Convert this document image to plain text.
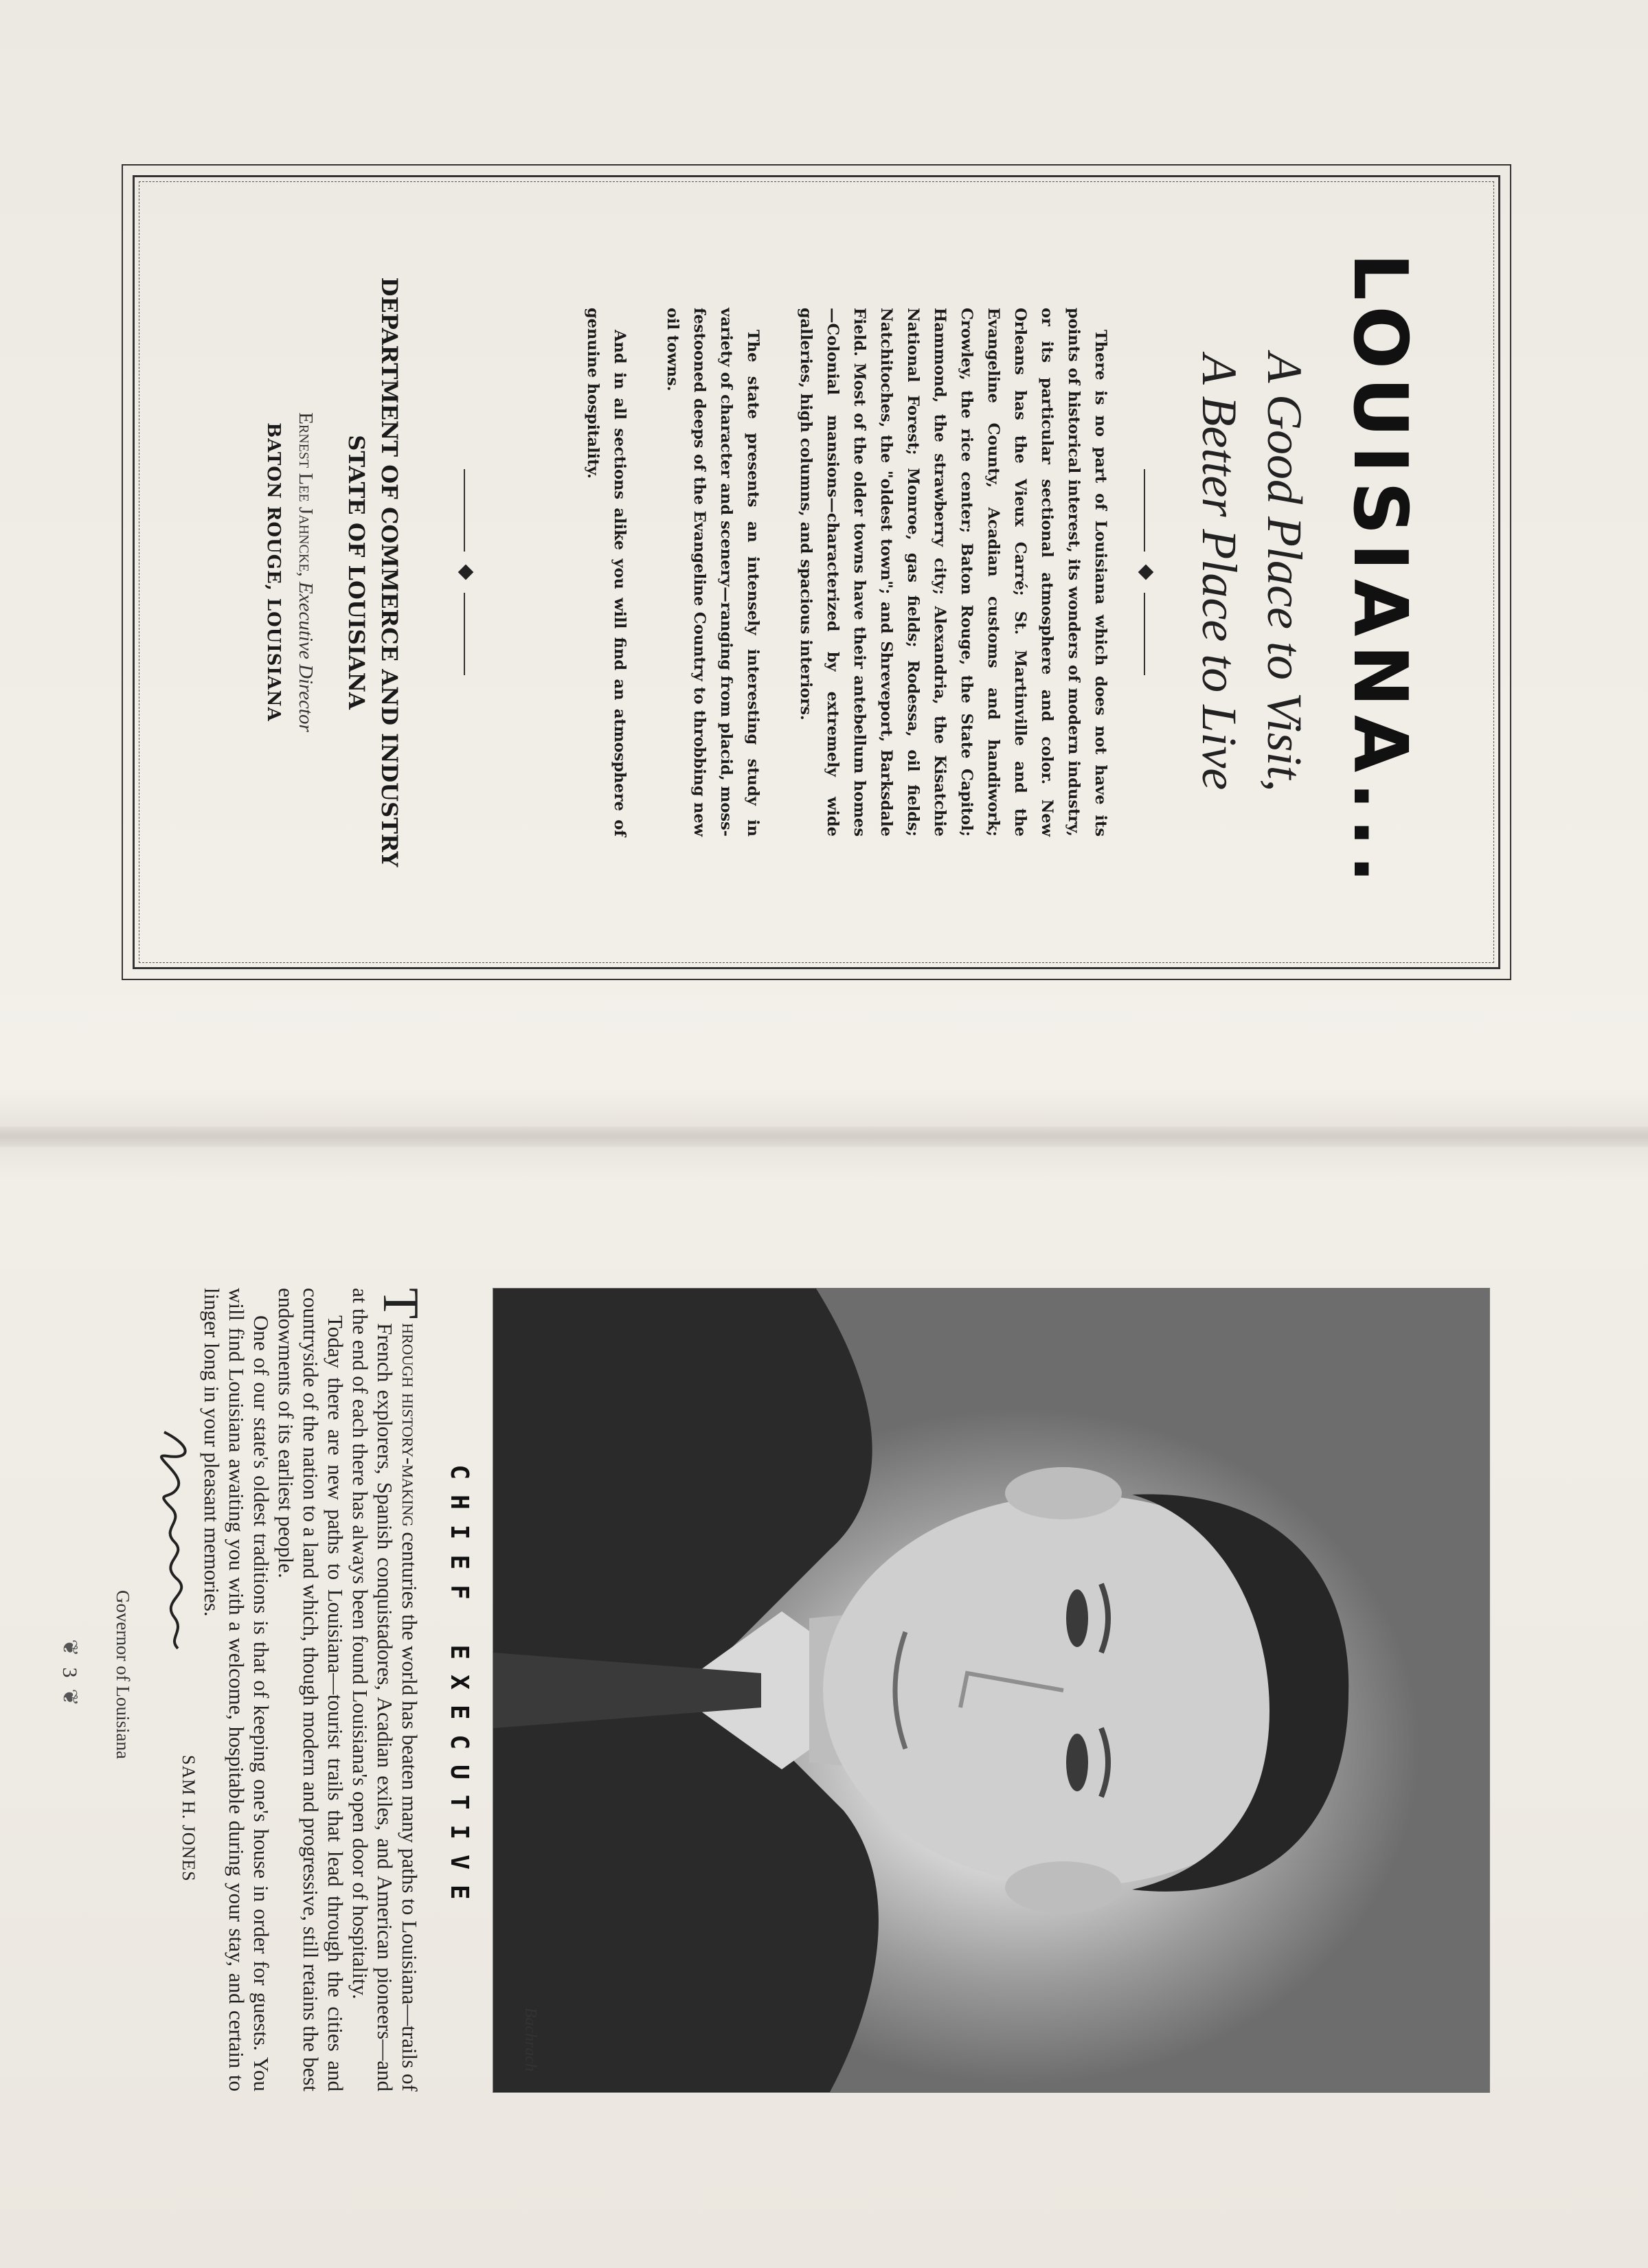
LOUISIANA...
A Good Place to Visit,
A Better Place to Live

There is no part of Louisiana which does not have its points of historical interest, its wonders of modern industry, or its particular sectional atmosphere and color. New Orleans has the Vieux Carré; St. Martinville and the Evangeline County, Acadian customs and handiwork; Crowley, the rice center; Baton Rouge, the State Capitol; Hammond, the strawberry city; Alexandria, the Kisatchie National Forest; Monroe, gas fields; Rodessa, oil fields; Natchitoches, the "oldest town"; and Shreveport, Barksdale Field. Most of the older towns have their antebellum homes—Colonial mansions—characterized by extremely wide galleries, high columns, and spacious interiors.

The state presents an intensely interesting study in variety of character and scenery—ranging from placid, moss-festooned deeps of the Evangeline Country to throbbing new oil towns.

And in all sections alike you will find an atmosphere of genuine hospitality.

DEPARTMENT OF COMMERCE AND INDUSTRY
STATE OF LOUISIANA
Ernest Lee Jahncke, Executive Director
BATON ROUGE, LOUISIANA
Bachrach
CHIEF EXECUTIVE

T
hrough history-making centuries the world has beaten many paths to Louisiana—trails of French explorers, Spanish conquistadores, Acadian exiles, and American pioneers—and at the end of each there has always been found Louisiana's open door of hospitality.

Today there are new paths to Louisiana—tourist trails that lead through the cities and countryside of the nation to a land which, though modern and progressive, still retains the best endowments of its earliest people.

One of our state's oldest traditions is that of keeping one's house in order for guests. You will find Louisiana awaiting you with a welcome, hospitable during your stay, and certain to linger long in your pleasant memories.

SAM H. JONES
Governor of Louisiana
❦3❦
